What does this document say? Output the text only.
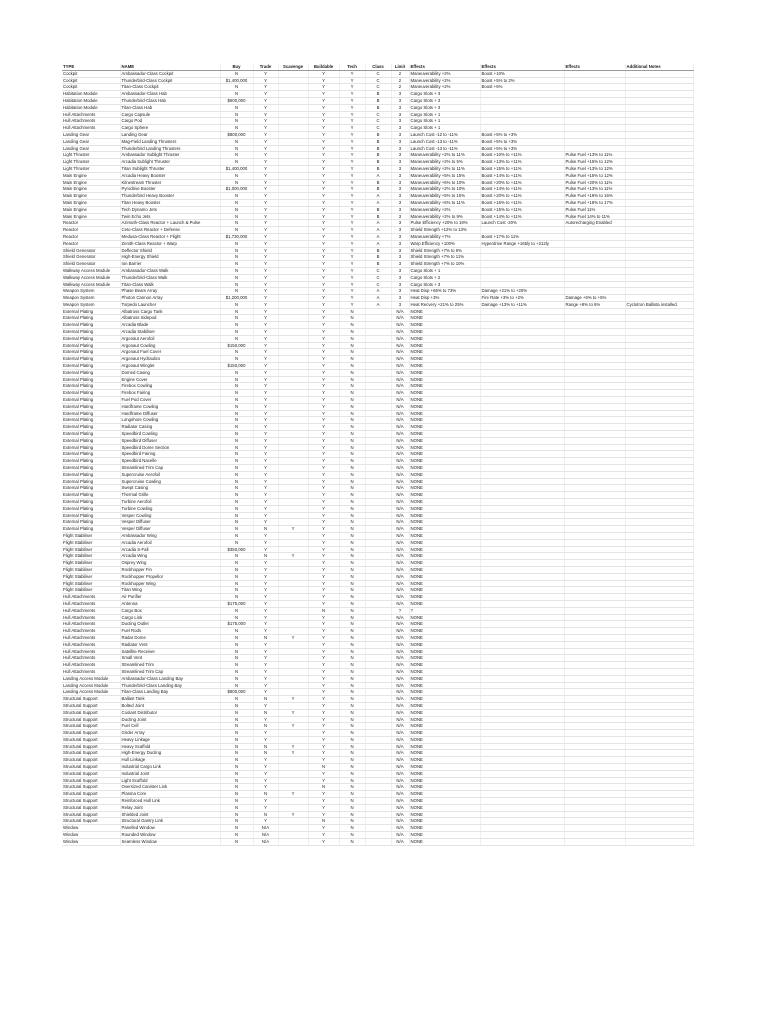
TYPE	NAME	Buy	Trade	Scavenge	Buildable	Tech	Class	Limit	Effects	Effects	Effects	Additional Notes
Cockpit	Ambassador-Class Cockpit	N	Y		Y	Y	C	2	Maneuverability +2%	Boost +10%		
Cockpit	Thunderbird-Class Cockpit	$1,400,000	Y		Y	Y	C	2	Maneuverability +2%	Boost +5% to 2%		
Cockpit	Titan-Class Cockpit	N	Y		Y	Y	C	2	Maneuverability +2%	Boost +6%		
Habitation Module	Ambassador-Class Hab	N	Y		Y	Y	B	3	Cargo Slots + 3			
Habitation Module	Thunderbird-Class Hab	$600,000	Y		Y	Y	B	3	Cargo Slots + 3			
Habitation Module	Titan-Class Hab	N	Y		Y	Y	B	3	Cargo Slots + 3			
Hull Attachments	Cargo Capsule	N	Y		Y	Y	C	3	Cargo Slots + 1			
Hull Attachments	Cargo Pod	N	Y		Y	Y	C	3	Cargo Slots + 1			
Hull Attachments	Cargo Sphere	N	Y		Y	Y	C	3	Cargo Slots + 1			
Landing Gear	Landing Gear	$800,000	Y		Y	Y	B	3	Launch Cost -12 to -11%	Boost +5% to +3%		
Landing Gear	Mag-Field Landing Thrusters	N	Y		Y	Y	B	3	Launch Cost -13 to -11%	Boost +5% to +3%		
Landing Gear	Thunderbird Landing Thrusters	N	Y		Y	Y	B	3	Launch Cost -13 to -11%	Boost +5% to +3%		
Light Thruster	Ambassador Sublight Thruster	N	Y		Y	Y	B	3	Maneuverability +2% to 11%	Boost +10% to +11%	Pulse Fuel +13% to 11%	
Light Thruster	Arcadia Sublight Thruster	N	Y		Y	Y	B	3	Maneuverability +2% to 5%	Boost +13% to +11%	Pulse Fuel +15% to 12%	
Light Thruster	Titan Sublight Thruster	$1,400,000	Y		Y	Y	B	3	Maneuverability +2% to 11%	Boost +15% to +11%	Pulse Fuel +13% to 12%	
Main Engine	Arcadia Heavy Booster	N	Y		Y	Y	A	3	Maneuverability +5% to 15%	Boost +14% to +11%	Pulse Fuel +16% to 12%	
Main Engine	Kilnestream Thruster	N	Y		Y	Y	B	3	Maneuverability +6% to 10%	Boost +20% to +11%	Pulse Fuel +20% to 11%	
Main Engine	Pyrodrive Booster	$1,000,000	Y		Y	Y	B	3	Maneuverability +2% to 10%	Boost +14% to +11%	Pulse Fuel +13% to 11%	
Main Engine	Thunderbird Heavy Booster	N	Y		Y	Y	A	3	Maneuverability +5% to 15%	Boost +20% to +11%	Pulse Fuel +19% to 16%	
Main Engine	Titan Heavy Booster	N	Y		Y	Y	A	3	Maneuverability +6% to 11%	Boost +16% to +11%	Pulse Fuel +18% to 17%	
Main Engine	Tech Dynamo Jets	N	Y		Y	Y	B	3	Maneuverability +2%	Boost +15% to +11%	Pulse Fuel 11%	
Main Engine	Twin Echo Jets	N	Y		Y	Y	B	3	Maneuverability +2% to 9%	Boost +14% to +11%	Pulse Fuel 14% to 11%	
Reactor	Azimuth-Class Reactor + Launch & Pulse	N	Y		Y	Y	A	3	Pulse Efficiency +20% to 19%	Launch Cost -20%	Autorecharging Enabled	
Reactor	Ceto-Class Reactor + Defense	N	Y		Y	Y	A	3	Shield Strength +12% to 13%			
Reactor	Medusa-Class Reactor + Flight	$1,730,000	Y		Y	Y	A	3	Maneuverability +7%	Boost +17% to 11%		
Reactor	Zenith-Class Reactor + Warp	N	Y		Y	Y	A	3	Warp Efficiency +100%	Hyperdrive Range +165ly to +212ly		
Shield Generator	Deflector Shield	N	Y		Y	Y	B	3	Shield Strength +7% to 9%			
Shield Generator	High-Energy Shield	N	Y		Y	Y	B	3	Shield Strength +7% to 11%			
Shield Generator	Ion Barrier	N	Y		Y	Y	B	3	Shield Strength +7% to 10%			
Walkway Access Module	Ambassador-Class Walk	N	Y		Y	Y	C	3	Cargo Slots + 1			
Walkway Access Module	Thunderbird-Class Walk	N	Y		Y	Y	C	3	Cargo Slots + 2			
Walkway Access Module	Titan-Class Walk	N	Y		Y	Y	C	3	Cargo Slots + 3			
Weapon System	Phase Beam Array	N	Y		Y	Y	A	3	Heat Disp +66% to 73%	Damage +21% to +20%		
Weapon System	Photon Cannon Array	$1,200,000	Y		Y	Y	A	3	Heat Disp +3%	Fire Rate +3% to +2%	Damage +6% to +5%	
Weapon System	Torpedo Launcher	N	Y		Y	Y	A	3	Heat Recvery +21% to 25%	Damage +13% to +11%	Range +8% to 6%	Cyclotron Ballista installed.
External Plating	Albatross Cargo Tank	N	Y		Y	N		N/A	NONE			
External Plating	Albatross Sidepod	N	Y		Y	N		N/A	NONE			
External Plating	Arcadia Blade	N	Y		Y	N		N/A	NONE			
External Plating	Arcadia Stabiliser	N	Y		Y	N		N/A	NONE			
External Plating	Argonaut Aerofoil	N	Y		Y	N		N/A	NONE			
External Plating	Argonaut Cowling	$150,000	Y		Y	N		N/A	NONE			
External Plating	Argonaut Fuel Cover	N	Y		Y	N		N/A	NONE			
External Plating	Argonaut Hydraulics	N	Y		Y	N		N/A	NONE			
External Plating	Argonaut Winglet	$150,000	Y		Y	N		N/A	NONE			
External Plating	Domed Casing	N	Y		Y	N		N/A	NONE			
External Plating	Engine Cover	N	Y		Y	N		N/A	NONE			
External Plating	Firebox Cowling	N	Y		Y	N		N/A	NONE			
External Plating	Firebox Fairing	N	Y		Y	N		N/A	NONE			
External Plating	Fuel Pod Cover	N	Y		Y	N		N/A	NONE			
External Plating	Hardframe Cowling	N	Y		Y	N		N/A	NONE			
External Plating	Hardframe Diffuser	N	Y		Y	N		N/A	NONE			
External Plating	Longshore Cowling	N	Y		Y	N		N/A	NONE			
External Plating	Radiator Casing	N	Y		Y	N		N/A	NONE			
External Plating	Speedbird Cowling	N	Y		Y	N		N/A	NONE			
External Plating	Speedbird Diffuser	N	Y		Y	N		N/A	NONE			
External Plating	Speedbird Dome Section	N	Y		Y	N		N/A	NONE			
External Plating	Speedbird Fairing	N	Y		Y	N		N/A	NONE			
External Plating	Speedbird Nacelle	N	Y		Y	N		N/A	NONE			
External Plating	Streamlined Trim Cap	N	Y		Y	N		N/A	NONE			
External Plating	Supercruise Aerofoil	N	Y		Y	N		N/A	NONE			
External Plating	Supercruise Cowling	N	Y		Y	N		N/A	NONE			
External Plating	Swept Casing	N	Y		Y	N		N/A	NONE			
External Plating	Thermal Grille	N	Y		Y	N		N/A	NONE			
External Plating	Turbine Aerofoil	N	Y		Y	N		N/A	NONE			
External Plating	Turbine Cowling	N	Y		Y	N		N/A	NONE			
External Plating	Vesper Cowling	N	Y		Y	N		N/A	NONE			
External Plating	Vesper Diffuser	N	Y		Y	N		N/A	NONE			
External Plating	Vesper Diffuser	N	N	Y	Y	N		N/A	NONE			
Flight Stabiliser	Ambassador Wing	N	Y		Y	N		N/A	NONE			
Flight Stabiliser	Arcadia Aerofoil	N	Y		Y	N		N/A	NONE			
Flight Stabiliser	Arcadia S-Fall	$350,000	Y		Y	N		N/A	NONE			
Flight Stabiliser	Arcadia Wing	N	N	Y	Y	N		N/A	NONE			
Flight Stabiliser	Osprey Wing	N	Y		Y	N		N/A	NONE			
Flight Stabiliser	Rockhopper Fin	N	Y		Y	N		N/A	NONE			
Flight Stabiliser	Rockhopper Propellor	N	Y		Y	N		N/A	NONE			
Flight Stabiliser	Rockhopper Wing	N	Y		Y	N		N/A	NONE			
Flight Stabiliser	Titan Wing	N	Y		Y	N		N/A	NONE			
Hull Attachments	Air Purifier	N	Y		Y	N		N/A	NONE			
Hull Attachments	Antenna	$175,000	Y		Y	N		N/A	NONE			
Hull Attachments	Cargo Box	N	Y		N	N		?	?			
Hull Attachments	Cargo Link	N	Y		Y	N		N/A	NONE			
Hull Attachments	Ducting Outlet	$175,000	Y		Y	N		N/A	NONE			
Hull Attachments	Fuel Rods	N	Y		Y	N		N/A	NONE			
Hull Attachments	Radar Dome	N	N	Y	Y	N		N/A	NONE			
Hull Attachments	Radiator Vent	N	Y		Y	N		N/A	NONE			
Hull Attachments	Satellite Receiver	N	Y		Y	N		N/A	NONE			
Hull Attachments	Small Vent	N	Y		Y	N		N/A	NONE			
Hull Attachments	Streamlined Trim	N	Y		Y	N		N/A	NONE			
Hull Attachments	Streamlined Trim Cap	N	Y		Y	N		N/A	NONE			
Landing Access Module	Ambassador-Class Landing Bay	N	Y		Y	N		N/A	NONE			
Landing Access Module	Thunderbird-Class Landing Bay	N	Y		Y	N		N/A	NONE			
Landing Access Module	Titan-Class Landing Bay	$800,000	Y		Y	N		N/A	NONE			
Structural Support	Ballast Tank	N	N	Y	Y	N		N/A	NONE			
Structural Support	Bolted Joint	N	Y		Y	N		N/A	NONE			
Structural Support	Coolant Distributor	N	N	Y	Y	N		N/A	NONE			
Structural Support	Ducting Joint	N	Y		Y	N		N/A	NONE			
Structural Support	Fuel Cell	N	N	Y	Y	N		N/A	NONE			
Structural Support	Girder Array	N	Y		Y	N		N/A	NONE			
Structural Support	Heavy Linkage	N	Y		Y	N		N/A	NONE			
Structural Support	Heavy Scaffold	N	N	Y	Y	N		N/A	NONE			
Structural Support	High-Energy Ducting	N	N	Y	Y	N		N/A	NONE			
Structural Support	Hull Linkage	N	Y		Y	N		N/A	NONE			
Structural Support	Industrial Cargo Link	N	Y		N	N		N/A	NONE			
Structural Support	Industrial Joint	N	Y		Y	N		N/A	NONE			
Structural Support	Light Scaffold	N	Y		Y	N		N/A	NONE			
Structural Support	Oversized Canister Link	N	Y		N	N		N/A	NONE			
Structural Support	Plasma Core	N	N	Y	Y	N		N/A	NONE			
Structural Support	Reinforced Hull Link	N	Y		Y	N		N/A	NONE			
Structural Support	Relay Joint	N	Y		Y	N		N/A	NONE			
Structural Support	Shielded Joint	N	N	Y	Y	N		N/A	NONE			
Structural Support	Structural Gantry Link	N	Y		N	N		N/A	NONE			
Window	Panelled Window	N	N/A		Y	N		N/A	NONE			
Window	Rounded Window	N	N/A		Y	N		N/A	NONE			
Window	Seamless Window	N	N/A		Y	N		N/A	NONE			
